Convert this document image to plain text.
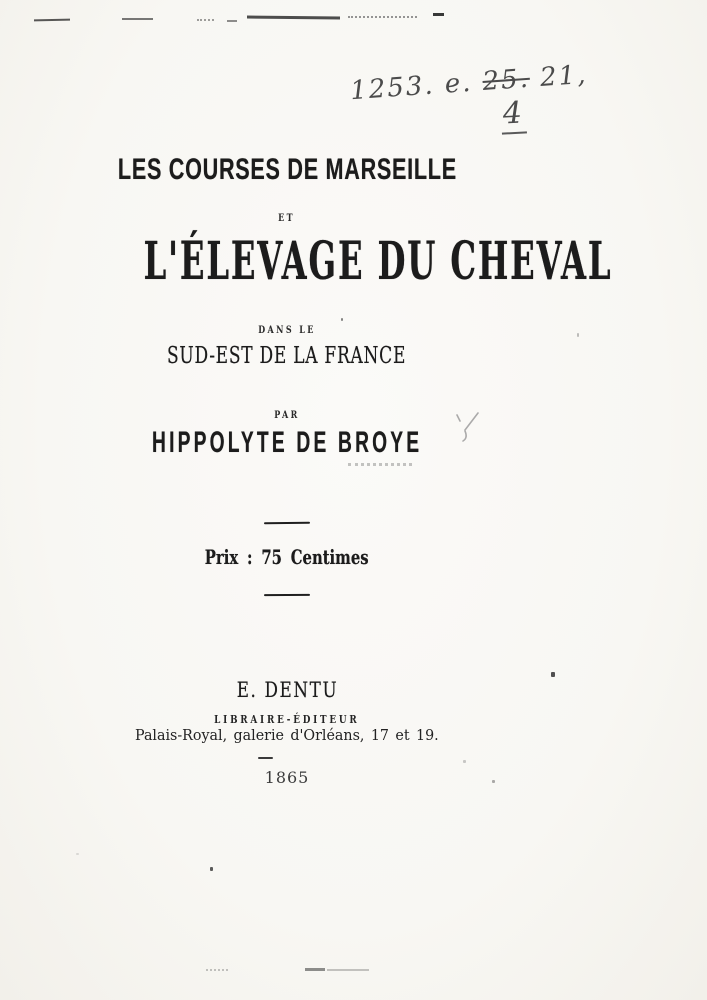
1253. e. 25. 21,
4
LES COURSES DE MARSEILLE
ET
L'ÉLEVAGE DU CHEVAL
DANS LE
SUD-EST DE LA FRANCE
PAR
HIPPOLYTE DE BROYE
Prix : 75 Centimes
E. DENTU
LIBRAIRE-ÉDITEUR
Palais-Royal, galerie d'Orléans, 17 et 19.
1865
